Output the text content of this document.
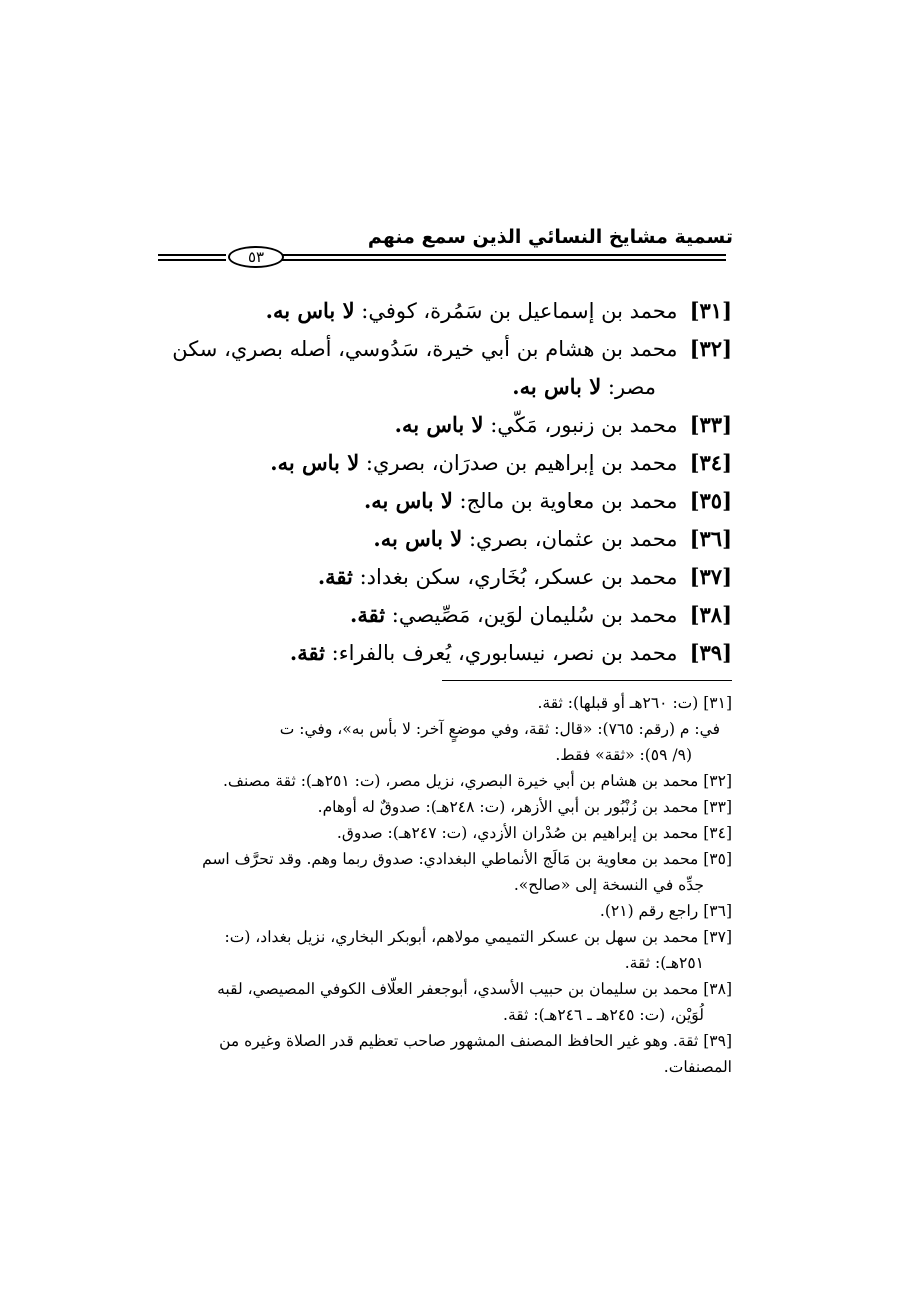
تسمية مشايخ النسائي الذين سمع منهم
٥٣

[٣١]محمد بن إسماعيل بن سَمُرة، كوفي: لا باس به.

[٣٢]محمد بن هشام بن أبي خيرة، سَدُوسي، أصله بصري، سكن
مصر: لا باس به.

[٣٣]محمد بن زنبور، مَكّي: لا باس به.

[٣٤]محمد بن إبراهيم بن صدرَان، بصري: لا باس به.

[٣٥]محمد بن معاوية بن مالج: لا باس به.

[٣٦]محمد بن عثمان، بصري: لا باس به.

[٣٧]محمد بن عسكر، بُخَاري، سكن بغداد: ثقة.

[٣٨]محمد بن سُليمان لوَين، مَصِّيصي: ثقة.

[٣٩]محمد بن نصر، نيسابوري، يُعرف بالفراء: ثقة.

[٣١] (ت: ٢٦٠هـ أو قبلها): ثقة.

في: م (رقم: ٧٦٥): «قال: ثقة، وفي موضعٍ آخر: لا بأس به»، وفي: ت
(٩/ ٥٩): «ثقة» فقط.

[٣٢] محمد بن هشام بن أبي خيرة البصري، نزيل مصر، (ت: ٢٥١هـ): ثقة مصنف.

[٣٣] محمد بن زُنْبُور بن أبي الأزهر، (ت: ٢٤٨هـ): صدوقٌ له أوهام.

[٣٤] محمد بن إبراهيم بن صُدْران الأزدي، (ت: ٢٤٧هـ): صدوق.

[٣٥] محمد بن معاوية بن مَالَج الأنماطي البغدادي: صدوق ربما وهم. وقد تحرَّف اسم
جدِّه في النسخة إلى «صالح».

[٣٦] راجع رقم (٢١).

[٣٧] محمد بن سهل بن عسكر التميمي مولاهم، أبوبكر البخاري، نزيل بغداد، (ت:
٢٥١هـ): ثقة.

[٣٨] محمد بن سليمان بن حبيب الأسدي، أبوجعفر العلّاف الكوفي المصيصي، لقبه
لُوَيْن، (ت: ٢٤٥هـ ـ ٢٤٦هـ): ثقة.

[٣٩] ثقة. وهو غير الحافظ المصنف المشهور صاحب تعظيم قدر الصلاة وغيره من المصنفات.
